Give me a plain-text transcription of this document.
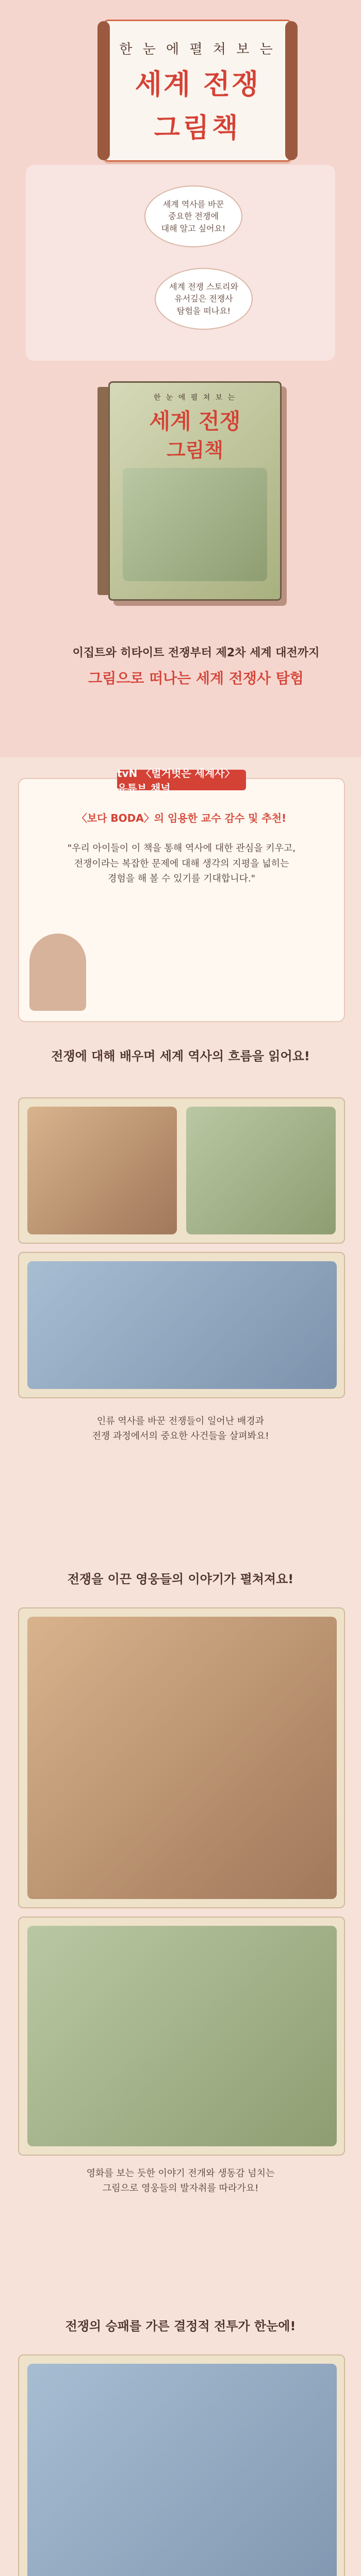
한 눈 에 펼 쳐 보 는
세계 전쟁
그림책
세계 역사를 바꾼
중요한 전쟁에
대해 알고 싶어요!
세계 전쟁 스토리와
유서깊은 전쟁사
탐험을 떠나요!
한 눈 에 펼 쳐 보 는
세계 전쟁
그림책
이집트와 히타이트 전쟁부터 제2차 세계 대전까지
그림으로 떠나는 세계 전쟁사 탐험
tvN 〈벌거벗은 세계사〉 유튜브 채널
〈보다 BODA〉의 임용한 교수 감수 및 추천!
"우리 아이들이 이 책을 통해 역사에 대한 관심을 키우고,
전쟁이라는 복잡한 문제에 대해 생각의 지평을 넓히는
경험을 해 볼 수 있기를 기대합니다."
전쟁에 대해 배우며 세계 역사의 흐름을 읽어요!
인류 역사를 바꾼 전쟁들이 일어난 배경과
전쟁 과정에서의 중요한 사건들을 살펴봐요!
전쟁을 이끈 영웅들의 이야기가 펼쳐져요!
영화를 보는 듯한 이야기 전개와 생동감 넘치는
그림으로 영웅들의 발자취를 따라가요!
전쟁의 승패를 가른 결정적 전투가 한눈에!
